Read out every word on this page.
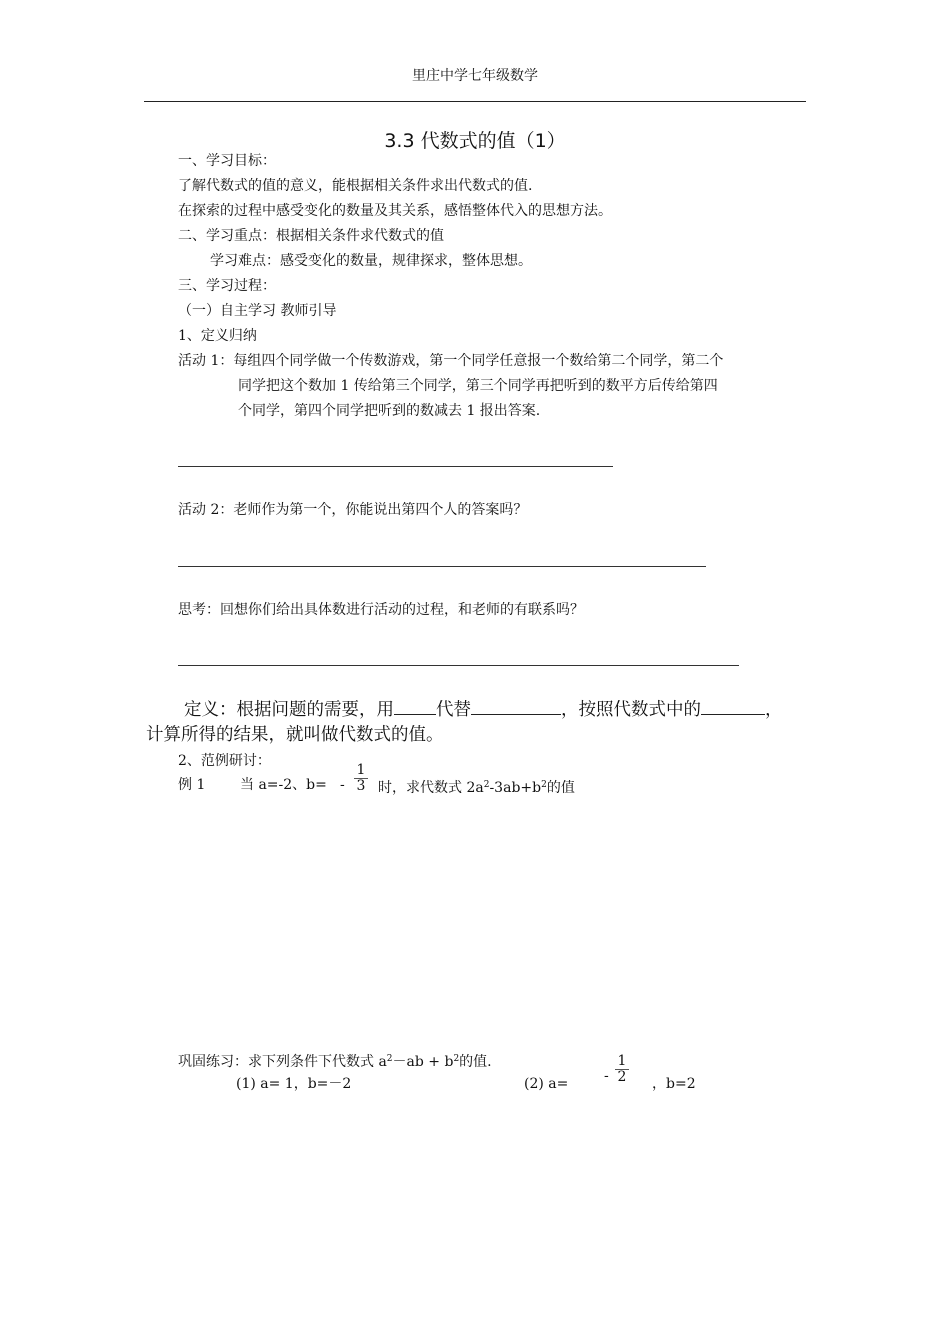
里庄中学七年级数学
3.3 代数式的值（1）
一、学习目标：
了解代数式的值的意义，能根据相关条件求出代数式的值.
在探索的过程中感受变化的数量及其关系，感悟整体代入的思想方法。
二、学习重点：根据相关条件求代数式的值
学习难点：感受变化的数量，规律探求，整体思想。
三、学习过程：
（一）自主学习 教师引导
1、定义归纳
活动 1：每组四个同学做一个传数游戏，第一个同学任意报一个数给第二个同学，第二个
同学把这个数加 1 传给第三个同学，第三个同学再把听到的数平方后传给第四
个同学，第四个同学把听到的数减去 1 报出答案.
活动 2：老师作为第一个，你能说出第四个人的答案吗？
思考：回想你们给出具体数进行活动的过程，和老师的有联系吗？
定义：根据问题的需要，用 代替	，按照代数式中的	，
计算所得的结果，就叫做代数式的值。
2、范例研讨：
例 1 当 a=-2、$b= - \frac{1}{3}$ 时，求代数式 $2a^2-3ab+b^2$的值
巩固练习：求下列条件下代数式 $a^2-ab + b^2$的值.
(1) a= 1，b=－2	(2) a=	- $\frac{1}{2}$ ，b=2
